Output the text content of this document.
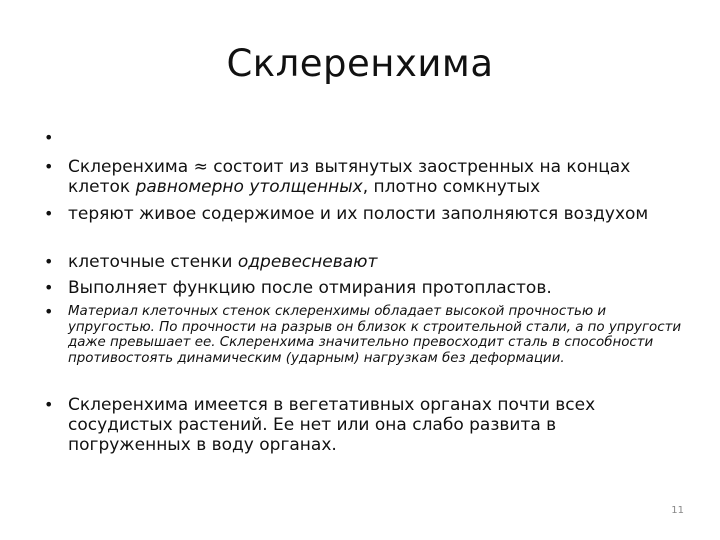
Склеренхима
•
• Склеренхима ≈ состоит из вытянутых заостренных на концах клеток равномерно утолщенных, плотно сомкнутых
• теряют живое содержимое и их полости заполняются воздухом
• клеточные стенки одревесневают
• Выполняет функцию после отмирания протопластов.
•	Материал клеточных стенок склеренхимы обладает высокой прочностью и упругостью. По прочности на разрыв он близок к строительной стали, а по упругости даже превышает ее. Склеренхима значительно превосходит сталь в способности противостоять динамическим (ударным) нагрузкам без деформации.
• Склеренхима имеется в вегетативных органах почти всех сосудистых растений. Ее нет или она слабо развита в погруженных в воду органах.
11
